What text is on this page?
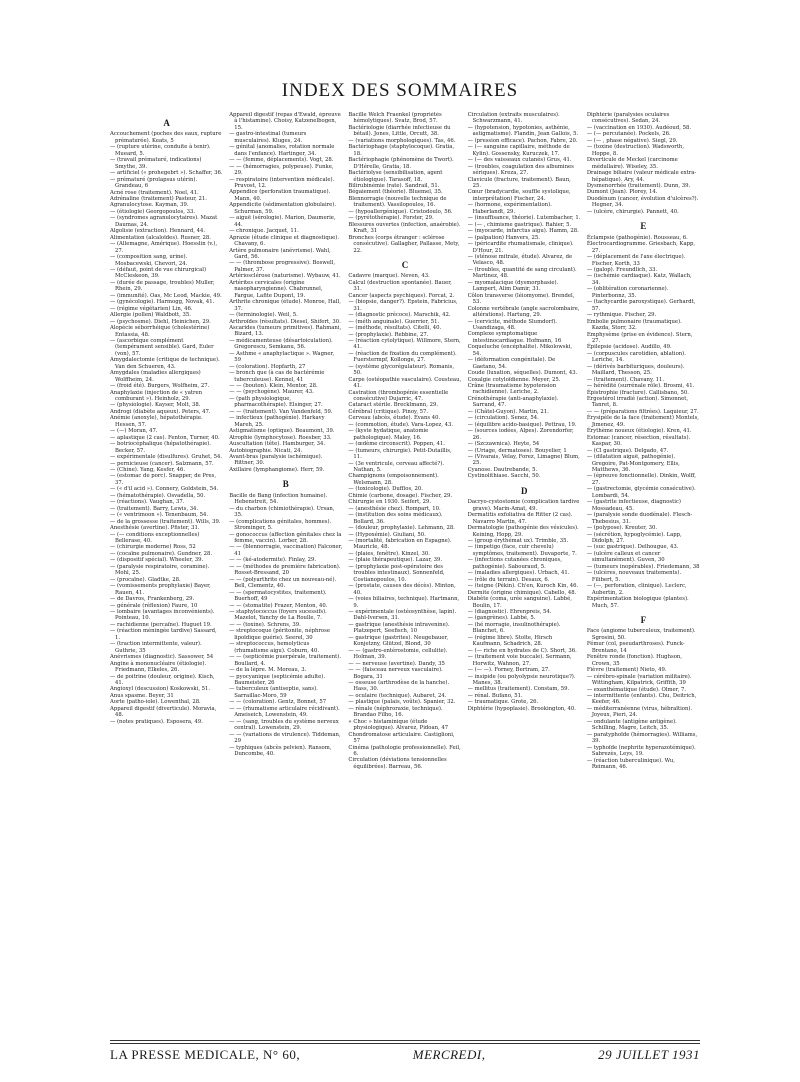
INDEX DES SOMMAIRES
A

Accouchement (poches des eaux, rupture prématurée). Keats, 5

— (rupture utérine, conduite à tenir). Mueard, 5.

— (travail prématuré, indications) Smythe, 39.

— artificiel (« prohegebrt »). Schaffer, 36.

— prématuré (prolapsus utérin). Grandeau, 6

Acné rose (traitement). Noel, 41.

Adrénaline (traitement) Pasteur, 21.

Agranulocytose. Kayman, 39.

— (étiologie) Georgopoulos, 33.

— (syndromes agranulocytaires). Mazat Daumas, 24.

Algolisie (extraction). Hennard, 44.

Alimentation (alcaloïdes). Rusner, 28.

— (Allemagne, Amérique). Hoesslin (v.), 27.

— (composition sang, urine). Mosbacewski, Chevori, 24.

— (défaut, point de vue chirurgical) McCleskeon, 39.

— (durée de passage, troubles) Muller, Rhein, 29.

— (immunité). Oas, Mc Leod, Mackie, 49.

— (gynécologie). Harmogg, Novak, 41.

— (régime végétarien) Lin, 46.

Allergie (pollen) Waldbott, 35.

— (psychosme). Diehl, Heinichen, 29.

Alopécie séborrhéique (cholestérine) Entassia, 48.

— (ascorbique complément (tempérament sensible). Gard, Euler (von), 57.

Amygdalectomie (critique de technique). Van den Schueren, 43.

Amygdales (maladies allergiques) Wolffheim, 24.

— (froid été). Burgers, Wolfheim, 27.

Anaphylaxie (injection de « yatren comburant »). Heinholz, 29.

— (physiologie). Kayser, Molt, 38.

Androgi (diabète aqueux). Peters, 47.

Anémie (anoxyle), hépatothérapie. Hessen, 57.

— (—) Moran, 47.

— aplastique (2 cas). Fenton, Turner, 40.

— botriocéphalique (hépatothérapie). Becker, 57.

— expérimentale (disulfures). Gruhet, 54.

— pernicieuse (cancer). Salzmann, 57.

— (Chine). Yang, Kesfer, 46.

— (estomac de porc). Snapper, de Pres, 37.

— (« d'il acid »). Connery, Goldstein, 54.

— (hématothérapie). Osvadella, 50.

— (réactions). Vaughan, 37.

— (traitement). Barry, Lewis, 34.

— (« ventrimoon »). Tenenbaum, 54.

— de la grossesse (traitement). Wills, 39.

Anesthésie (avertine). Pfister, 31.

— (— conditions exceptionnelles) Bellerase, 40.

— (chirurgie moderne) Ross, 52

— (cocaïne pulmonaire). Gundner, 28.

— (dispositif spécial). Wheeler, 39.

— (paralysie respiratoire, coramine). Mohl, 25.

— (procaïne). Gladtke, 28.

— (vomissements prophylaxie) Bayer, Rauen, 41.

— de Davros, Frankenberg, 29.

— générale (réflexion) Faure, 10

— lombaire (avantages inconvénients). Pointeau, 10.

— rachidienne (percaïne). Huguet 19.

— (réaction méningée tardive) Sassard, 1.

— (traction intermittente, valeur). Guthrie, 35

Anévrismes (diagnostic). Sassower, 54

Angine à mononucléaire (étiologie). Friedmann, Elkeles, 26.

— de poitrine (douleur, origine). Kisch, 41.

Angioxyl (descussion) Koskowski, 51.

Anus spasme. Beyer, 31

Aorte (patho-iole). Lowenthal, 28.

Appareil digestif (diverticule). Moravia, 48.

— (notes pratiques). Esposera, 49.

Appareil digestif (repas d'Ewald, épreuve à l'histamine). Choisy, Katzenelbogen, 15.

— gastro-intestinal (tumeurs musculaires). Kluges, 24.

— génital (anomalies, rotation normale dans l'enfance). Hartinger, 34.

— — (femme, déplacements). Vogt, 28.

— — (hémorragies, polypeuse). Funke, 29.

— respiratoire (intervention médicale). Pruvost, 12.

Appendice (perforation traumatique). Mann, 40.

Appendicite (sédimentation globulaire). Schurman, 59.

— aiguë (sérologie). Marion, Daumerie, 44.

— chronique. Jacquet, 11.

Apraxie (étude clinique et diagnostique). Chavany, 6.

Artère pulmonaire (anévrisme). Wahl, Gard, 56.

— — (thrombose progressive). Boswell, Palmer, 37.

Artériosclérose (naturisme). Wybauw, 41.

Artérites cervicales (origine nasopharyngienne). Chabrunnel, Fargue, Lafite Dupont, 19.

Arthrite chronique (étude). Monroe, Hall, 37.

— (terminologie). Weil, 5.

Arthroïdes (résultats). Diesel, Shifert, 30.

Ascarides (tumeurs primitives). Rahmani, Bizard, 13.

— médicamenteuse (désartoiculation). Gregorescu, Semkanu, 56.

— Asthme « anaphylactique ». Wagner, 59

— (coloration). Hopfarth, 27

— bronch que (à cas de bactérémie tuberculeuse). Kennel, 41

— — (bouton). Klein, Mentor, 28.

— — (psychogène). Maurer, 43.

— (path physiologique, pharmacothérapie). Elsinger, 27.

— — (traitement). Van Vandenfeld, 59.

— infectieux (pathogénie). Harkavy Mareh, 25.

Astigmatisme (optique). Beaumont, 39.

Atrophie (lymphocytose). Roesber, 33.

Auscultation (tête). Hamburger, 34.

Autobiographie. Nicati, 24.

Avant-bras (paralysie ischémique). Rittner, 30.

Axillaire (lymphangiome). Herr, 59.

B

Bacille de Bang (infection humaine). Hebenstreit, 54.

— du charbon (chimiothérapie). Ursan, 35.

— (complications génitales, hommes). Strominger, 5.

— gonococcus (affection génitales chez la femme, vaccin). Lorber, 28.

— — (blennorragie, vaccination) Falconer, 41

— — (ké-atodermite). Finlay, 29.

— — (méthodes de première fabrication). Rosset-Bressand, 20

— — (polyarthrite chez un nouveau-né). Bell, Clementz, 40.

— — (spermatocystites, traitement). Buerhoff, 49

— — (stomatite) Frazer, Menton, 40.

— staphylococcus (foyers sucessifs). Mazelot, Yanchy de La Roulle, 7.

— — (toxine). Schrens, 39.

— streptocoque (péritonite, néphrose lipoïdique guérie). Seerel, 30

— streptococcus, hemolyticus (rhumatisme aigu). Coburn, 40.

— — (septicémie puerpérale, traitement). Boullard, 4.

— de la lèpre. M. Moreau, 3.

— pyocyanique (septicémie adulte). Baumeister, 26

— tuberculeux (antiseptie, sans). Sarraillac-Moro, 59

— — (coloration). Gentz, Bonnet, 57

— — (rhumatisme articulaire récidivant). Ameiseich, Lowenstein, 49.

— — (sang, troubles du système nerveux central). Lowenstein, 29.

— — (variations de virulence). Tiddeman, 29

— typhiques (abcès pelvien). Ransom, Duncombe, 40.

Bacille Welch Fraenkel (propriétés hémolytiques). Svatz, Brod, 57.

Bactériologie (diarrhée infectieuse du bétail). Jones, Little, Orcutt, 38.

— (variations morphologiques). Tas, 46.

Bactériophage (staphylocoque). Gratia, 18.

Bactériophagie (phénomène de Twort). D'Hérelle, Gratia, 18.

Bactériolyse (sensibilisation, agent étiologique). Tarasoff, 18.

Bilirubinémie (rate). Sandrail, 51.

Bégaiement (théorie). Bluemel, 35.

Blennorragie (nouvelle technique de traitement). Vassilopoulos, 16.

— (hypoallergénique). Cristodoulo, 56.

— (pyrétothérapie). Forster, 29.

Blessures ouvertes (infection, anaérobie). Kraft, 31

Bronches (corps étranger : sclérose consécutive). Gallagher, Pallasse, Mety, 22.

C

Cadavre (marque). Neven, 43.

Calcul (destruction spontanée). Bauer, 31.

Cancer (aspects psychiques). Forcat, 2.

— (biopsie, danger?). Epstein, Fabricius, 31.

— (diagnostic précoce). Marschik, 42.

— (méth anguinale). Guerrier, 51.

— (méthode, résultats). Citelli, 40.

— (prophylaxie). Rebbine, 27.

— (réaction cytolytique). Willmore, Stern, 41.

— (réaction de fixation du complément). Fuerstermpf, Kollonge, 27.

— (système glycorégulateur). Romanis, 50.

Carpe (ostéopathie vasculaire). Cousteau, 41.

Castration (thrombopénie essentielle consécutive) Dujarric, 47.

Cataract stérile. Brecklmann, 29.

Cérébral (critique). Pinoy, 57.

Cerveau (abcès, étude). Evans 40.

— (commotion, étude). Vara-Lopez, 43.

— (kyste hydatique, anatomie pathologique). Maley, 16.

— (œdème circonscrit). Poppen, 41.

— (tumeurs, chirurgie). Petit-Dutaillis, 11.

— (3e ventricule, cerveau affecté?). Nathan, 5.

Champignons (empoisonnement). Welsmann, 28.

— (toxicologie). Dufflos, 20.

Chimie (carbone, dosage). Fischer, 29.

Chirurgie en 1930. Seifert, 29.

— (anesthésie chez). Rompart, 10.

— (institution des soins médicaux). Bollard, 36.

— (douleur, prophylaxie). Lehmann, 28.

— (Hypoxémie). Giuliani, 50.

— (mortalité, fabrication en Espagne). Mauricle, 48.

— (plaies, fenêtre). Kinzel, 30.

— (plaie thérapeutique). Lazar, 39.

— (prophylaxie post-opératoire des troubles intestinaux). Sonnenfeld, Costianopoulos, 10.

— (prostate, causes des décès). Minton, 40.

— (voies biliaires, technique). Hartmann, 9.

— expérimentale (ostéosynthèse, lapin). Dahl-Iversen, 31.

— gastrique (anesthésie intravenine). Platzepert, Seefisch, 10

— gastrique (gastrites). Neugebauer, Konjetzny, Glützel, Blond, 30

— — (gastro-entérostomie, cellulite). Holman, 39.

— — nerveuse (avertine). Dandy, 35

— — (faisceau nerveux vasculaire). Bogara, 31

— osseuse (arthrodèse de la hanche). Hass, 30.

— oculaire (technique). Aubaret, 24.

— plastique (palais, voûte). Spanier, 32.

— rénale (néphroraxie, technique). Brandao Filho, 16.

« Choc » histaminique (étude physiologique). Alvarez, Pidoan, 47

Chondromatose articulaire. Castiglioni, 57

Cinéma (pathologie professionnelle). Feil, 6.

Circulation (déviations tensionnelles équilibrées). Barreau, 56.

Circulation (extraits musculaires). Schwarzmann, 41.

— (hypotension, hypotonies, asthénie, astigmatisme). Flandin, Jean Gallois, 5.

— (pression efficace). Pachon, Fabre, 20.

— (— sanguine capillaire, méthode de Kylin). Gossensky, Kuruczek, 17.

— (— des vaisseaux cutanés) Grus, 41.

— (troubles, coagulation des albumines sériques). Kreza, 27.

Clavicule (fracture, traitement). Baun, 25.

Cœur (bradycardie, souffle systolique, interprétation) Fischer, 24.

— (hormone, expérimentation). Haberlandt, 29.

— (insuffisance, théorie). Lutembacher, 1.

— (— , chimisme gastrique). Rahier, 5.

— (myocarde, infarctus aigu). Hamm, 28.

— (palpation) Hanvers, 25.

— (péricardite rhumatismale, clinique). D'Hour, 21.

— (sténose mitrale, étude). Alvarez, de Velasco, 48.

— (troubles, quantité de sang circulant). Martinez, 48.

— myomalacique (dysmorphasie). Lampert, Alim Damir, 31.

Côlon transverse (léiomyome). Brendel, 53.

Colonne vertébrale (angle sacrolombaire, altérations). Hartung, 29.

— (cervicite, méthode Slumdorf). Usandizaga, 48.

Complexe symptomatique intestinocardiaque. Hofmann, 16

Coqueluche (encéphalite). Mikolowski, 54.

— (déformation congénitale). De Gaetano, 54.

Coude (luxation, séquelles). Dumont, 43.

Coxalgie cotyloïdienne. Meyer, 25.

Crâne (traumatisme hypotension rachidienne). Leriche, 2.

Crénothérapie (anti-anaphylaxie). Sarrand, 47.

— (Châtel-Guyon). Martin, 21.

— (circulation). Senez, 54.

— (équilibre acido-basique). Pettrau, 19.

— (sources iodées, Alpes). Zorendorfer, 26.

— (Szczawnica). Heyte, 54

— (Uriage, dermatoses). Bouyelier, 1

— (Vivarais, Velay, Forez, Limagne) Blum, 25.

Cyanose. Dautrebande, 5.

Cystinolithiase. Sacchi, 50.

D

Dacryo-cystostomie (complication tardive grave). Marin-Amat, 49.

Dermatitis exfoliativa de Ritter (2 cas). Navarro Martin, 47.

Dermatologie (pathogénie des vésicules). Keining, Hopp, 29.

— (group érythémat ux). Trimble, 35.

— (impetigo (face, cuir chevelu) symptômes, traitement). Duvaporte, 7.

— (infections cutanées chroniques, pathogénie). Sabouraud, 5.

— (maladies allergiques). Urbach, 41.

— (rôle du terrain). Desaux, 6.

— (teigne (Pékin). Ch'en, Kuroch Kin, 46.

Dermite (origine chimique). Cabello, 48.

Diabète (coma, urée sanguine). Labbé, Boulin, 17.

— (diagnostic). Ehrenpreis, 54.

— (gangrènes). Labbé, 5.

— (hé morragie, insulinothérapie). Blanchet, 6.

— (régime libre). Stolte, Hirsch Kaufmann, Schadrich, 28.

— (— riche en hydrates de C). Short, 36.

— (traitement voie buccale). Sermann, Horwitz, Wahnon, 27.

— (— —). Forney, Bertram, 27.

— insipide (ou polyolypsie neurotique?). Manes, 38.

— mellitus (traitement). Constam, 59.

— rénal. Bufano, 51.

— traumatique. Grote, 26.

Diphtérie (hypoplasie). Brookington, 40.

Diphtérie (paralysies oculaires consécutives). Sedan, 24.

— (vaccination en 1930). Audéoud, 58.

— (— percutanée). Pockels, 26.

— (— , phase négative). Siegl, 29.

— (toxine (destruction). Wadsworth, Hoppe, 8.

Diverticule de Meckel (carcinome médullaire). Wiseley, 35.

Drainage biliaire (valeur médicale extra-hépatique). Ary, 44.

Dysmenorrhée (traitement). Dunn, 39.

Dumont (Jean). Plorey, 14.

Duodénum (cancer, évolution d'ulcères?). Hegner, 34.

— (ulcère, chirurgie). Pannett, 40.

E

Éclampsie (pathogénie). Rousseau, 6.

Électrocardiogramme. Griesbach, Kapp, 27.

— (déplacement de l'axe électrique). Fischer, Korth, 33

— (galop). Freundlich, 33.

— (ischémie cardiaque). Katz, Wallach, 34.

— (oblitération coronarienne). Pinterbonnz, 35.

— (tachycardie paroxystique). Gerhardt, 57.

— rythmique. Fischer, 29.

Embolie pulmonaire (traumatique). Kazda, Storr, 32.

Emphysème (prise en évidence). Stern, 27.

Épilepsie (acidose). Audillo, 49.

— (corpuscules carotidien, ablation). Leriche, 14.

— (dérivés barbituriques, douleurs). Maillard, Thesson, 25.

— (traitement). Chavany, 11.

— hérédité (surrénale rôle). Brosmi, 41.

Épistrophie (fracture). Callisbano, 50.

Ergostérol irradié (action). Simonnet, Tanret, 8.

— — (préparations filtrées). Laquieur, 27.

Érysipèle de la face (traitement) Montels, Jimenez, 49.

Érythème noueux (étiologie). Kren, 41.

Estomac (cancer, résection, résultats). Kaspar, 30.

— (Cl gastrique). Delgado, 47.

— (dilatation aiguë, pathogénie). Gregoire, Pat-Montgomery, Ellis, Matthews, 36.

— (épreuve fonctionnelle). Dinkin, Wolff, 27.

— (gastrectomie, glycémie consécutive). Lombardi, 54.

— (gastrite infectieuse, diagnostic) Mossadeau, 45.

— (paralysie sonde duodénale). Flesch-Thebesius, 31.

— (polypose). Kreuter, 30.

— (sécrétion, hypoglycémie). Lapp, Didolph, 27.

— (suc gastrique). Delhougue, 43.

— (ulcère calleux et cancer simultanément). Guven, 30

— (tumeurs inopérables). Friedemann, 38

— (ulcères, nouveaux traitements). Filibert, 5.

— (—, perforation, clinique). Leclerc, Aubertin, 2.

Expérimentation biologique (plantes). Much, 57.

F

Face (angiome tuberculeux, traitement). Sgrosini, 50.

Fémur (col, pseudarthroses). Funck-Brentano, 14

Fenêtre ronde (fonction). Hughson, Crown, 35

Fièvre (traitement) Nieto, 49.

— cérébro-spinale (variation militaire). Wittingham, Kilpatrick, Griffith, 39

— exanthématique (étude). Olmer, 7.

— intermittente (enfants). Chu, Deitrich, Keefer, 46.

— méditerranéenne (virus, hébraïtion). Joyeux, Pieri, 24.

— ondulante (antigène antigène). Schilling, Magre, Leitch, 35.

— paratyphoïde (hémorragies). Williams, 39.

— typhoïde (nephrite hyperazotémique). Sabrezès, Leys, 19.

— (réaction tuberculinique). Wu, Reimann, 46.

LA PRESSE MEDICALE, N° 60,	MERCREDI,	29 JUILLET 1931
